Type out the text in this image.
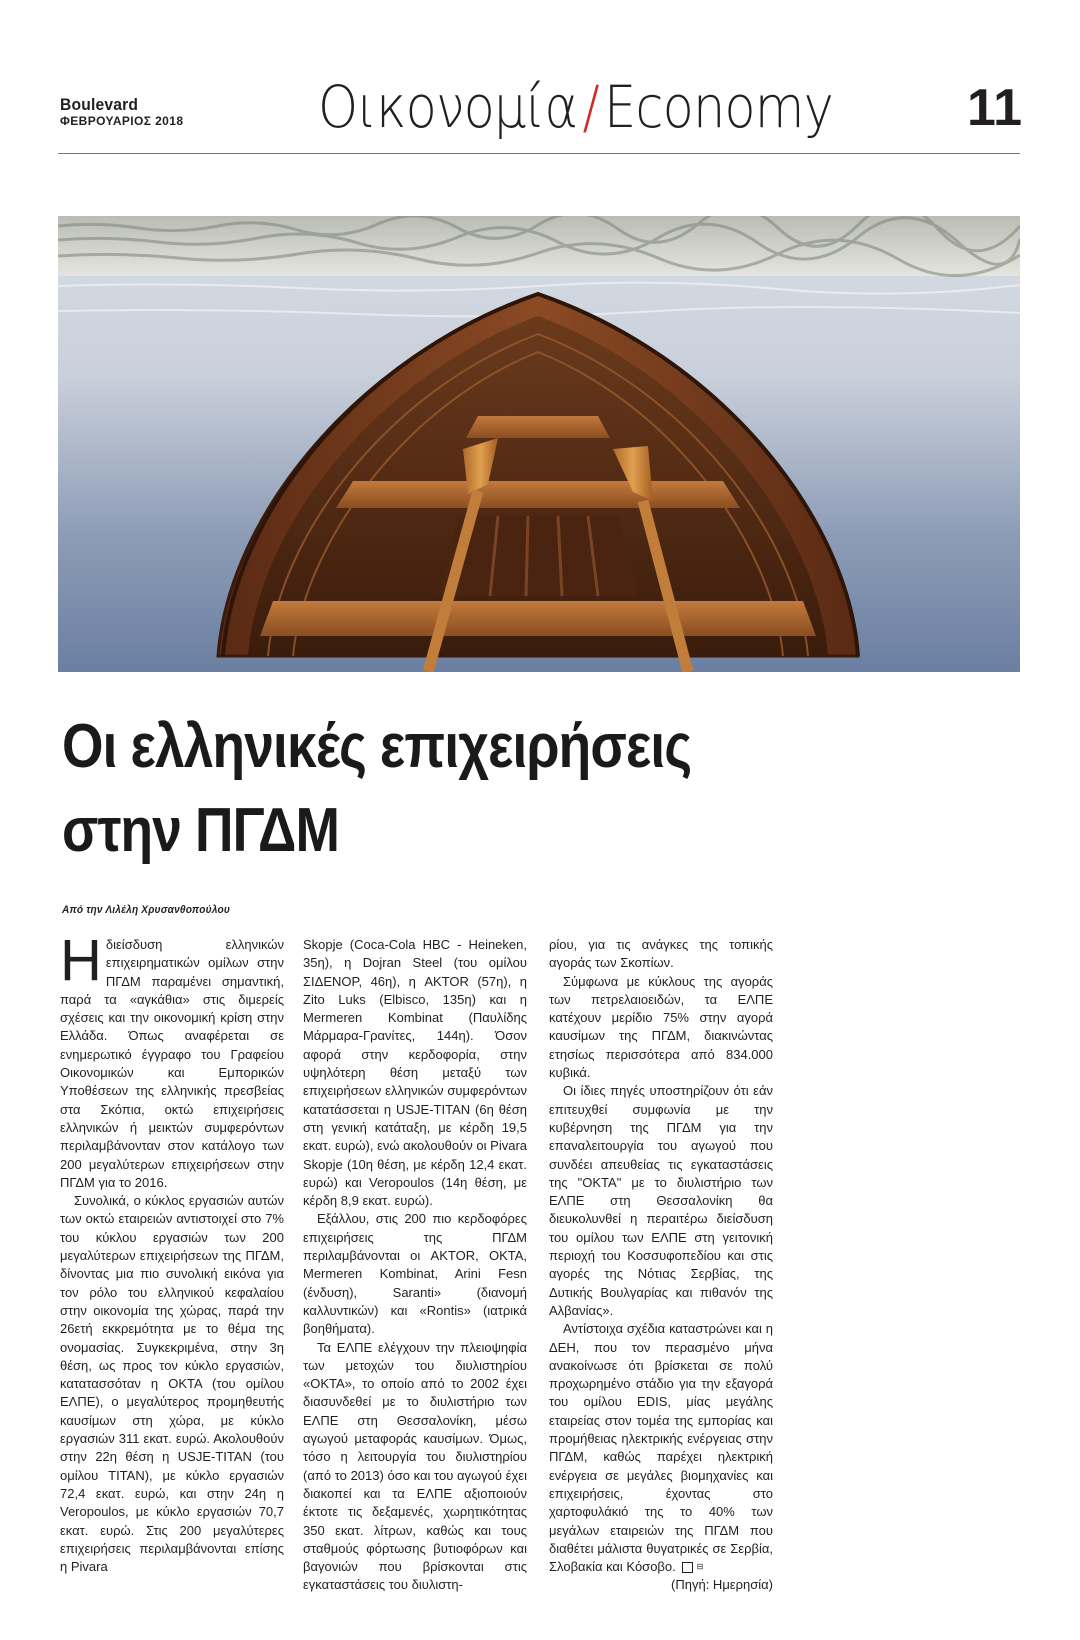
Boulevard
ΦΕΒΡΟΥΑΡΙΟΣ 2018 Οικονομία/Economy	11
Οι ελληνικές επιχειρήσεις
στην ΠΓΔΜ
Από την Λιλέλη Χρυσανθοπούλου

Ηδιείσδυση ελληνικών επιχειρηματικών ομίλων στην ΠΓΔΜ παραμένει σημαντική, παρά τα «αγκάθια» στις διμερείς σχέσεις και την οικονομική κρίση στην Ελλάδα. Όπως αναφέρεται σε ενημερωτικό έγγραφο του Γραφείου Οικονομικών και Εμπορικών Υποθέσεων της ελληνικής πρεσβείας στα Σκόπια, οκτώ επιχειρήσεις ελληνικών ή μεικτών συμφερόντων περιλαμβάνονταν στον κατάλογο των 200 μεγαλύτερων επιχειρήσεων στην ΠΓΔΜ για το 2016.

Συνολικά, ο κύκλος εργασιών αυτών των οκτώ εταιρειών αντιστοιχεί στο 7% του κύκλου εργασιών των 200 μεγαλύτερων επιχειρήσεων της ΠΓΔΜ, δίνοντας μια πιο συνολική εικόνα για τον ρόλο του ελληνικού κεφαλαίου στην οικονομία της χώρας, παρά την 26ετή εκκρεμότητα με το θέμα της ονομασίας. Συγκεκριμένα, στην 3η θέση, ως προς τον κύκλο εργασιών, κατατασσόταν η ΟΚΤΑ (του ομίλου ΕΛΠΕ), ο μεγαλύτερος προμηθευτής καυσίμων στη χώρα, με κύκλο εργασιών 311 εκατ. ευρώ. Ακολουθούν στην 22η θέση η USJE-TITAN (του ομίλου TITAN), με κύκλο εργασιών 72,4 εκατ. ευρώ, και στην 24η η Veropoulos, με κύκλο εργασιών 70,7 εκατ. ευρώ. Στις 200 μεγαλύτερες επιχειρήσεις περιλαμβάνονται επίσης η Pivara

Skopje (Coca-Cola HBC - Heineken, 35η), η Dojran Steel (του ομίλου ΣΙΔΕΝΟΡ, 46η), η AKTOR (57η), η Zito Luks (Elbisco, 135η) και η Mermeren Kombinat (Παυλίδης Μάρμαρα-Γρανίτες, 144η). Όσον αφορά στην κερδοφορία, στην υψηλότερη θέση μεταξύ των επιχειρήσεων ελληνικών συμφερόντων κατατάσσεται η USJE-TITAN (6η θέση στη γενική κατάταξη, με κέρδη 19,5 εκατ. ευρώ), ενώ ακολουθούν οι Pivara Skopje (10η θέση, με κέρδη 12,4 εκατ. ευρώ) και Veropoulos (14η θέση, με κέρδη 8,9 εκατ. ευρώ).

Εξάλλου, στις 200 πιο κερδοφόρες επιχειρήσεις της ΠΓΔΜ περιλαμβάνονται οι AKTOR, OKTA, Mermeren Kombinat, Arini Fesn (ένδυση), Saranti» (διανομή καλλυντικών) και «Rontis» (ιατρικά βοηθήματα).

Τα ΕΛΠΕ ελέγχουν την πλειοψηφία των μετοχών του διυλιστηρίου «ΟΚΤΑ», το οποίο από το 2002 έχει διασυνδεθεί με το διυλιστήριο των ΕΛΠΕ στη Θεσσαλονίκη, μέσω αγωγού μεταφοράς καυσίμων. Όμως, τόσο η λειτουργία του διυλιστηρίου (από το 2013) όσο και του αγωγού έχει διακοπεί και τα ΕΛΠΕ αξιοποιούν έκτοτε τις δεξαμενές, χωρητικότητας 350 εκατ. λίτρων, καθώς και τους σταθμούς φόρτωσης βυτιοφόρων και βαγονιών που βρίσκονται στις εγκαταστάσεις του διυλιστη-

ρίου, για τις ανάγκες της τοπικής αγοράς των Σκοπίων.

Σύμφωνα με κύκλους της αγοράς των πετρελαιοειδών, τα ΕΛΠΕ κατέχουν μερίδιο 75% στην αγορά καυσίμων της ΠΓΔΜ, διακινώντας ετησίως περισσότερα από 834.000 κυβικά.

Οι ίδιες πηγές υποστηρίζουν ότι εάν επιτευχθεί συμφωνία με την κυβέρνηση της ΠΓΔΜ για την επαναλειτουργία του αγωγού που συνδέει απευθείας τις εγκαταστάσεις της "ΟΚΤΑ" με το διυλιστήριο των ΕΛΠΕ στη Θεσσαλονίκη θα διευκολυνθεί η περαιτέρω διείσδυση του ομίλου των ΕΛΠΕ στη γειτονική περιοχή του Κοσσυφοπεδίου και στις αγορές της Νότιας Σερβίας, της Δυτικής Βουλγαρίας και πιθανόν της Αλβανίας».

Αντίστοιχα σχέδια καταστρώνει και η ΔΕΗ, που τον περασμένο μήνα ανακοίνωσε ότι βρίσκεται σε πολύ προχωρημένο στάδιο για την εξαγορά του ομίλου EDIS, μίας μεγάλης εταιρείας στον τομέα της εμπορίας και προμήθειας ηλεκτρικής ενέργειας στην ΠΓΔΜ, καθώς παρέχει ηλεκτρική ενέργεια σε μεγάλες βιομηχανίες και επιχειρήσεις, έχοντας στο χαρτοφυλάκιό της το 40% των μεγάλων εταιρειών της ΠΓΔΜ που διαθέτει μάλιστα θυγατρικές σε Σερβία, Σλοβακία και Κόσοβο.	⊟

(Πηγή: Ημερησία)
